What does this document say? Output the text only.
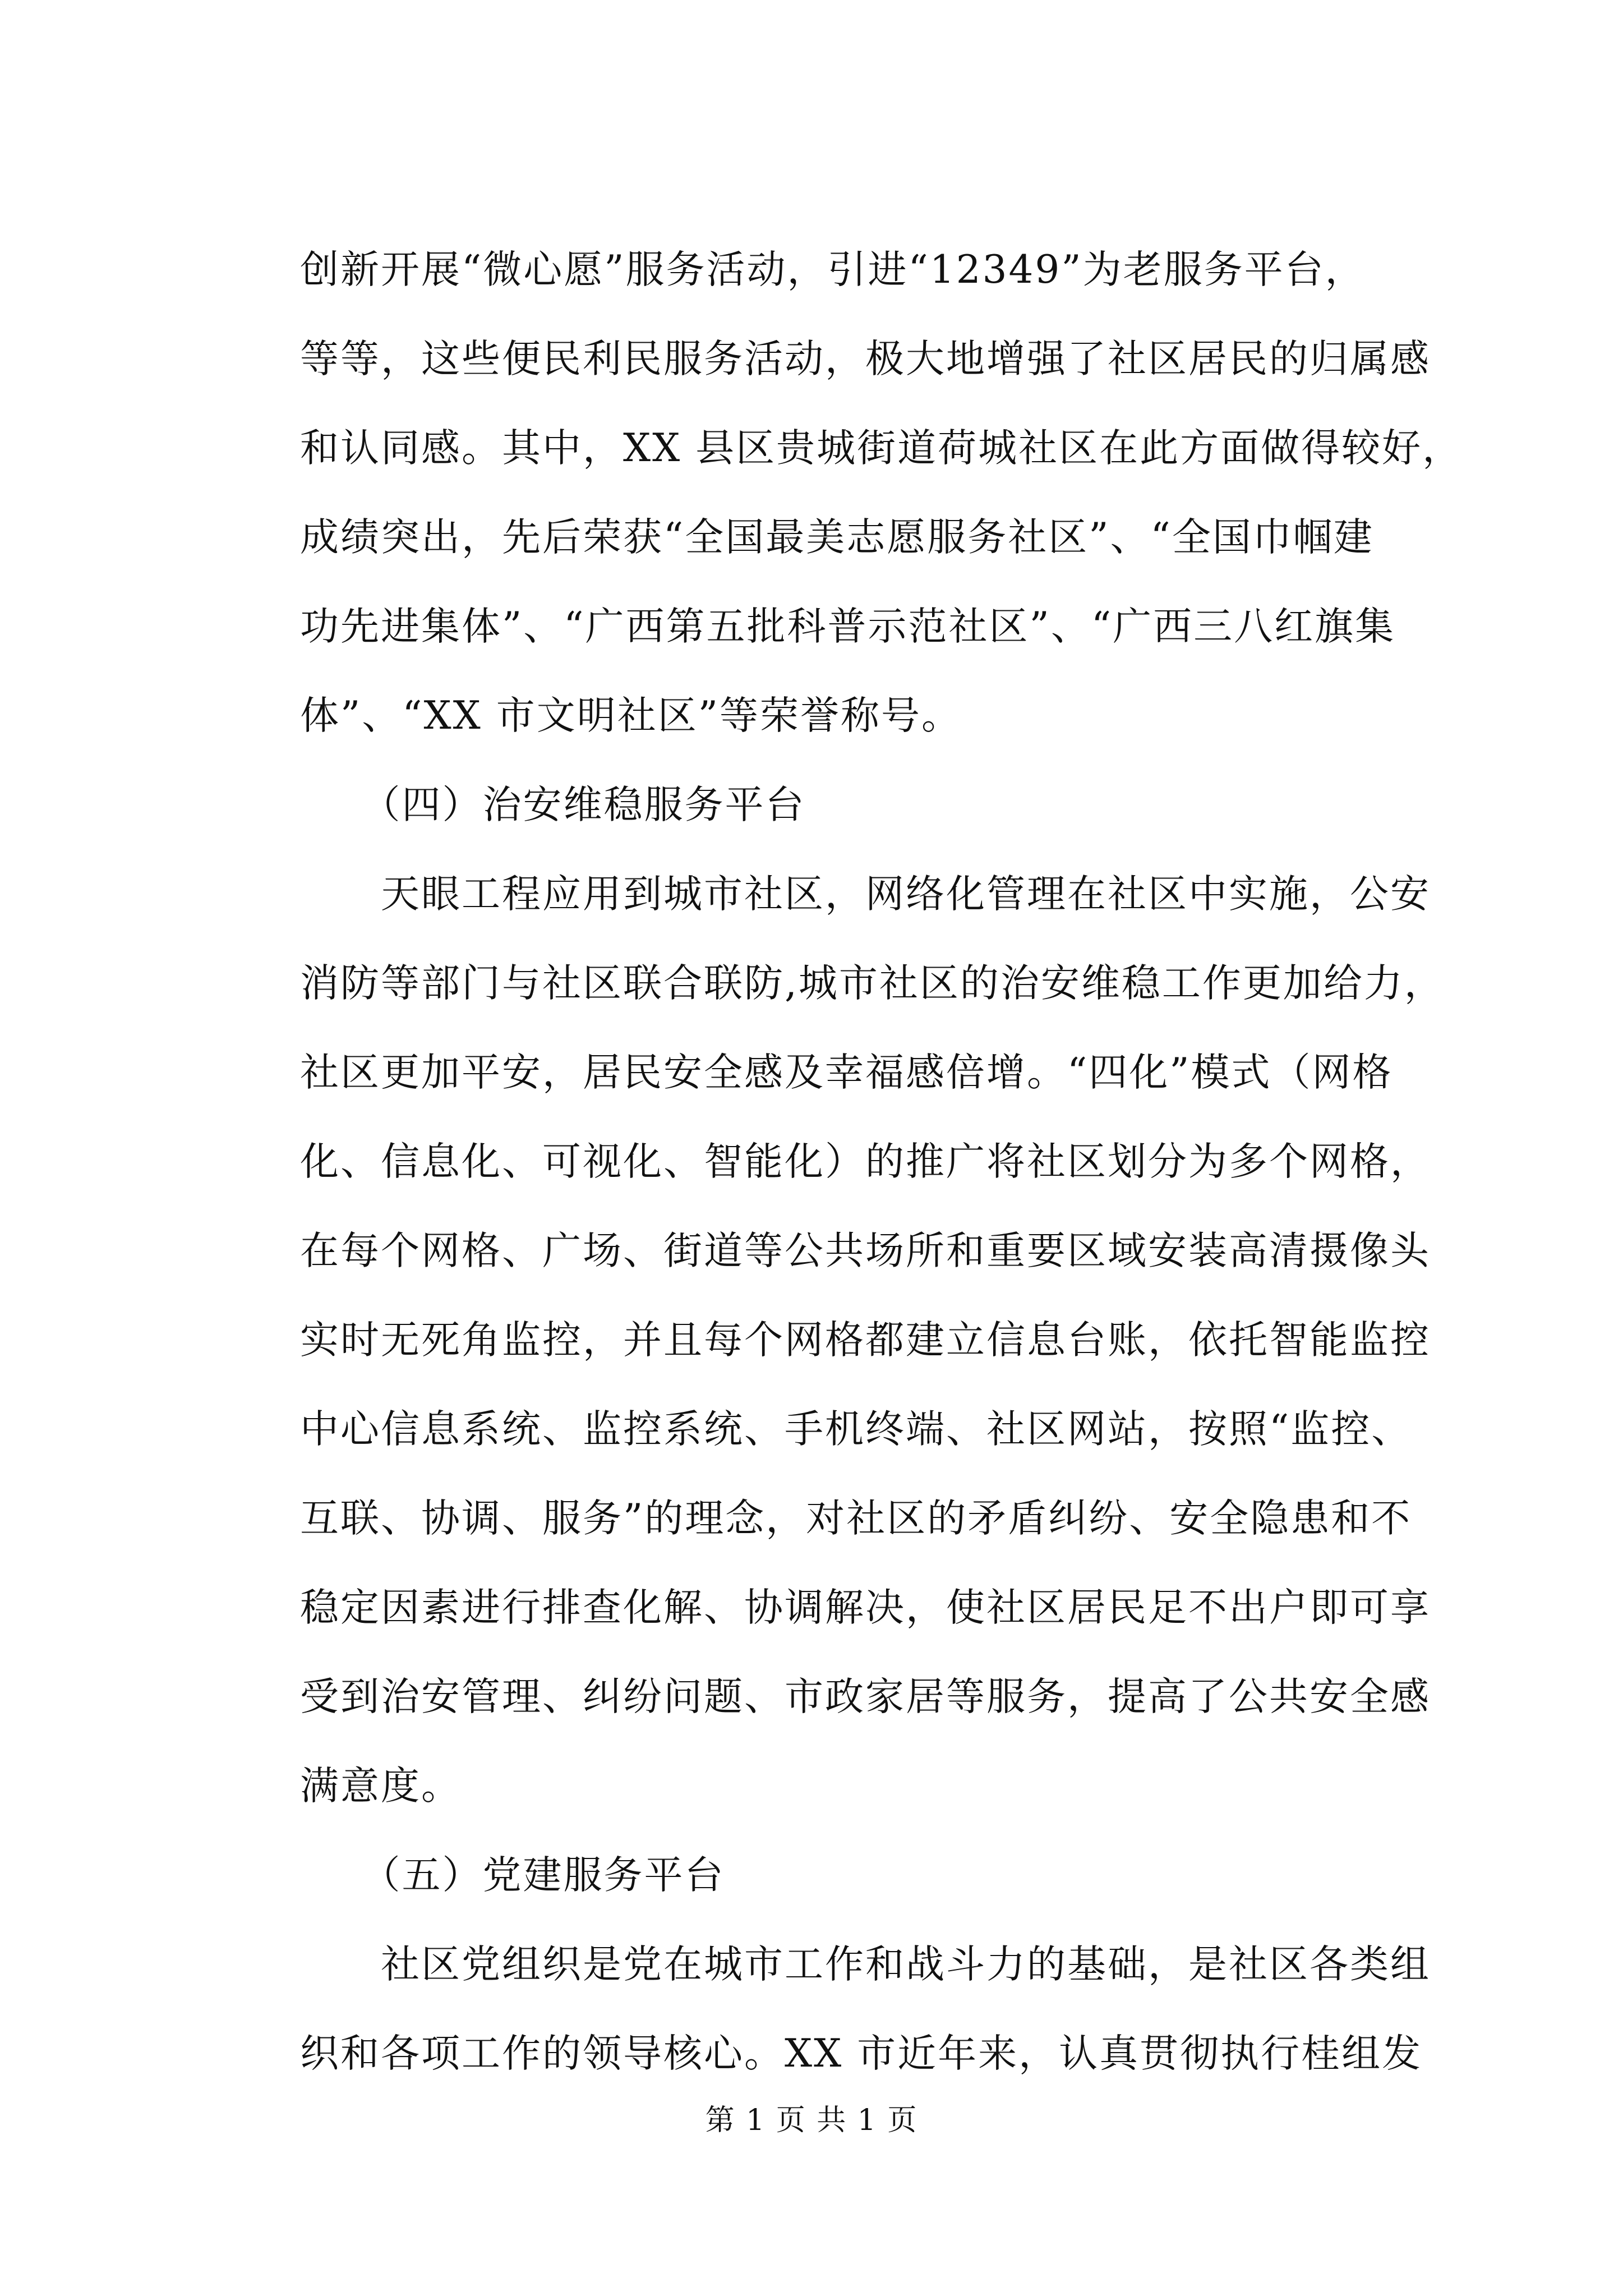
创新开展“微心愿”服务活动，引进“12349”为老服务平台，
等等，这些便民利民服务活动，极大地增强了社区居民的归属感
和认同感。其中，XX 县区贵城街道荷城社区在此方面做得较好，
成绩突出，先后荣获“全国最美志愿服务社区”、“全国巾帼建
功先进集体”、“广西第五批科普示范社区”、“广西三八红旗集
体”、“XX 市文明社区”等荣誉称号。
　　（四）治安维稳服务平台
　　天眼工程应用到城市社区，网络化管理在社区中实施，公安
消防等部门与社区联合联防,城市社区的治安维稳工作更加给力，
社区更加平安，居民安全感及幸福感倍增。“四化”模式（网格
化、信息化、可视化、智能化）的推广将社区划分为多个网格，
在每个网格、广场、街道等公共场所和重要区域安装高清摄像头
实时无死角监控，并且每个网格都建立信息台账，依托智能监控
中心信息系统、监控系统、手机终端、社区网站，按照“监控、
互联、协调、服务”的理念，对社区的矛盾纠纷、安全隐患和不
稳定因素进行排查化解、协调解决，使社区居民足不出户即可享
受到治安管理、纠纷问题、市政家居等服务，提高了公共安全感
满意度。
　　（五）党建服务平台
　　社区党组织是党在城市工作和战斗力的基础，是社区各类组
织和各项工作的领导核心。XX 市近年来，认真贯彻执行桂组发
第 1 页 共 1 页
